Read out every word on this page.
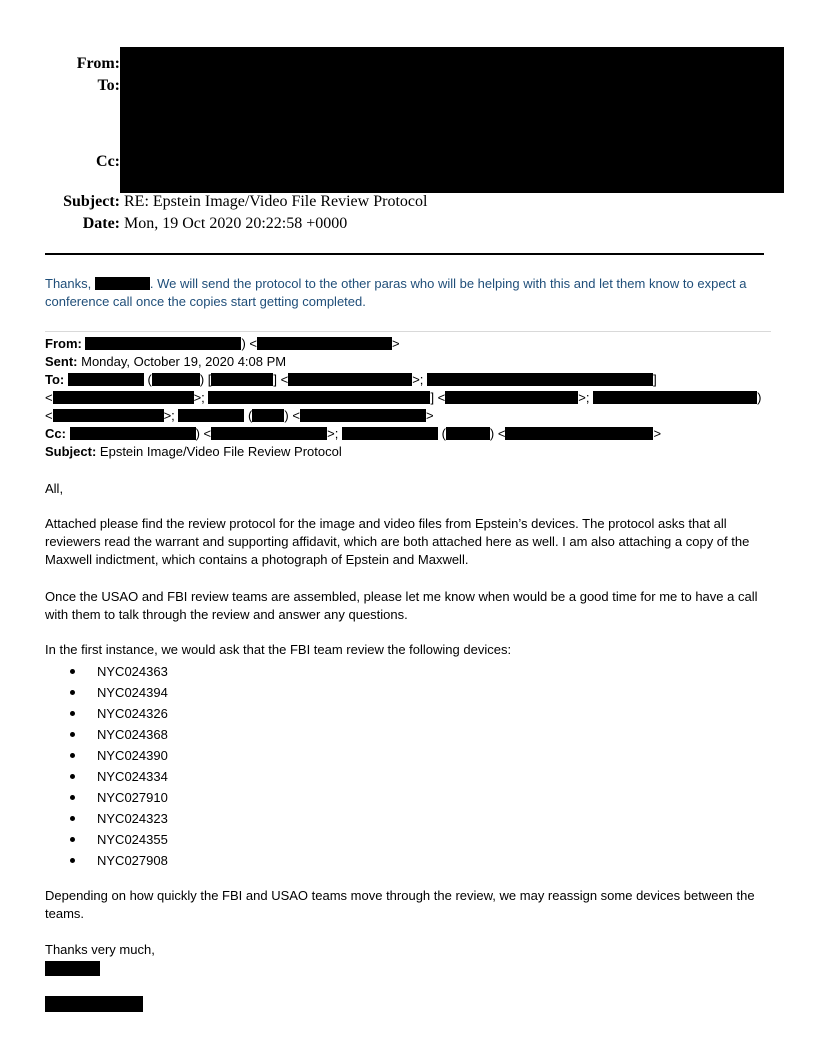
From:
To:
Cc:
Subject: RE: Epstein Image/Video File Review Protocol
Date: Mon, 19 Oct 2020 20:22:58 +0000
Thanks,	. We will send the protocol to the other paras who will be helping with this and let them know to expect a conference call once the copies start getting completed.
From:	) <	>
Sent: Monday, October 19, 2020 4:08 PM
To:	(	) [	] <	>;	]
<	>;	] <	>;	)
<	>;	( ) <	>
Cc:	) <	>;	(	) <	>
Subject: Epstein Image/Video File Review Protocol
All,
Attached please find the review protocol for the image and video files from Epstein’s devices. The protocol asks that all reviewers read the warrant and supporting affidavit, which are both attached here as well. I am also attaching a copy of the Maxwell indictment, which contains a photograph of Epstein and Maxwell.
Once the USAO and FBI review teams are assembled, please let me know when would be a good time for me to have a call with them to talk through the review and answer any questions.
In the first instance, we would ask that the FBI team review the following devices:
NYC024363
NYC024394
NYC024326
NYC024368
NYC024390
NYC024334
NYC027910
NYC024323
NYC024355
NYC027908
Depending on how quickly the FBI and USAO teams move through the review, we may reassign some devices between the teams.
Thanks very much,
